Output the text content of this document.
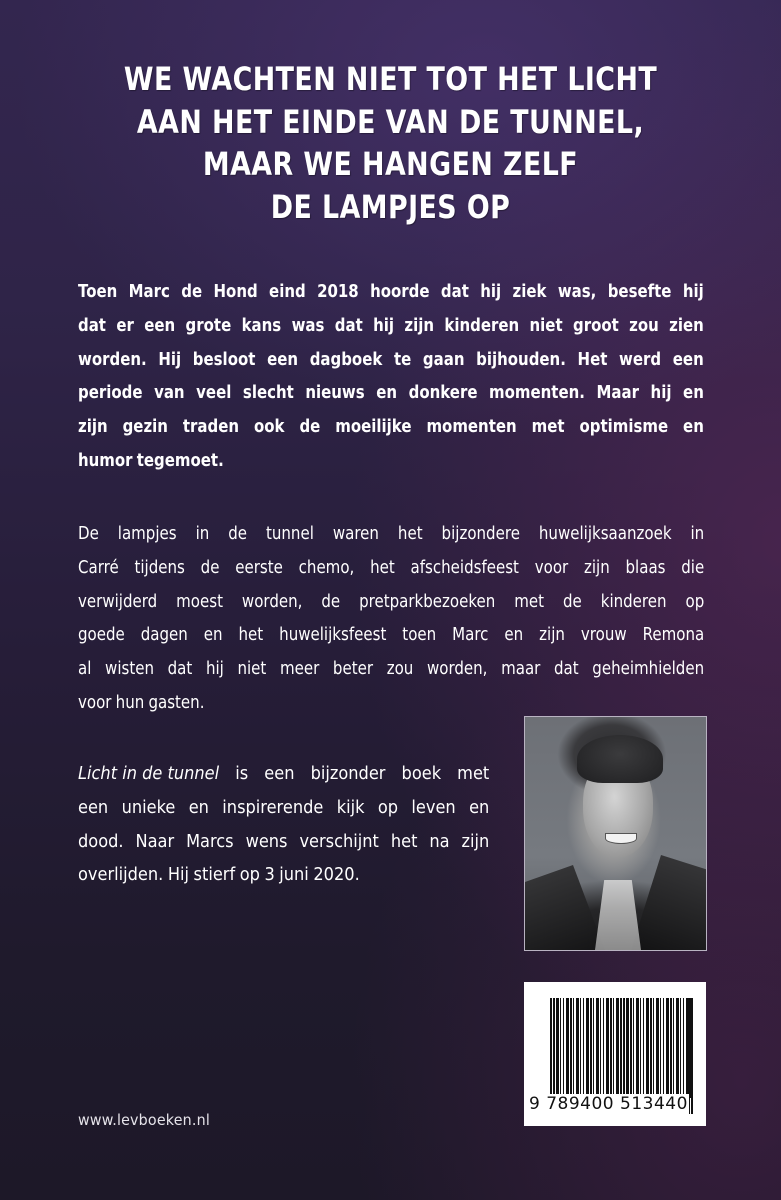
WE WACHTEN NIET TOT HET LICHT
AAN HET EINDE VAN DE TUNNEL,
MAAR WE HANGEN ZELF
DE LAMPJES OP
Toen Marc de Hond eind 2018 hoorde dat hij ziek was, besefte hij
dat er een grote kans was dat hij zijn kinderen niet groot zou zien
worden. Hij besloot een dagboek te gaan bijhouden. Het werd een
periode van veel slecht nieuws en donkere momenten. Maar hij en
zijn gezin traden ook de moeilijke momenten met optimisme en
humor tegemoet.
De lampjes in de tunnel waren het bijzondere huwelijksaanzoek in
Carré tijdens de eerste chemo, het afscheidsfeest voor zijn blaas die
verwijderd moest worden, de pretparkbezoeken met de kinderen op
goede dagen en het huwelijksfeest toen Marc en zijn vrouw Remona
al wisten dat hij niet meer beter zou worden, maar dat geheimhielden
voor hun gasten.
Licht in de tunnel is een bijzonder boek met
een unieke en inspirerende kijk op leven en
dood. Naar Marcs wens verschijnt het na zijn
overlijden. Hij stierf op 3 juni 2020.
9 789400 513440
www.levboeken.nl
